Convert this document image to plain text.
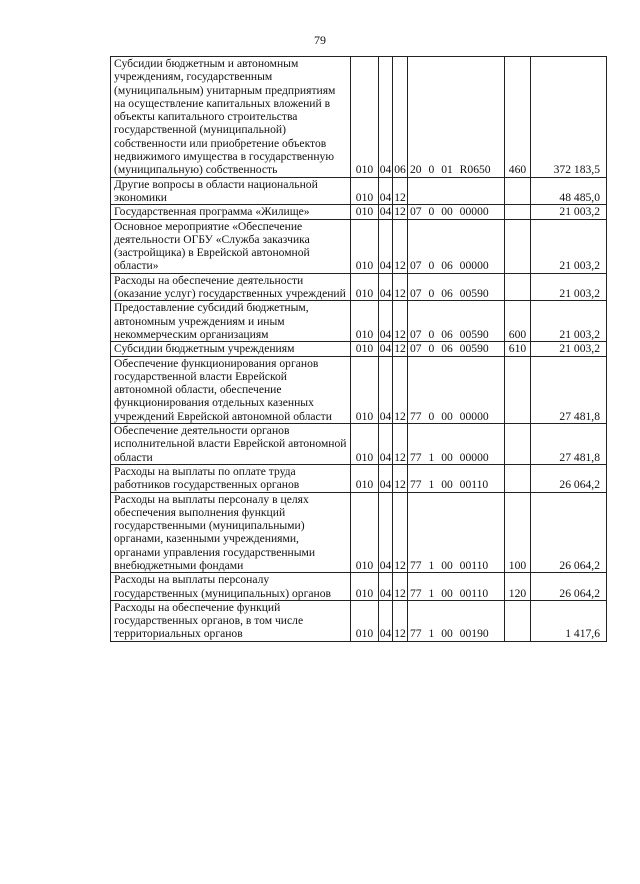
79
Субсидии бюджетным и автономным учреждениям, государственным (муниципальным) унитарным предприятиям на осуществление капитальных вложений в объекты капитального строительства государственной (муниципальной) собственности или приобретение объектов недвижимого имущества в государственную (муниципальную) собственность	010	04	06	20 0 01 R0650	460	372 183,5
Другие вопросы в области национальной экономики	010	04	12			48 485,0
Государственная программа «Жилище»	010	04	12	07 0 00 00000		21 003,2
Основное мероприятие «Обеспечение деятельности ОГБУ «Служба заказчика (застройщика) в Еврейской автономной области»	010	04	12	07 0 06 00000		21 003,2
Расходы на обеспечение деятельности (оказание услуг) государственных учреждений	010	04	12	07 0 06 00590		21 003,2
Предоставление субсидий бюджетным, автономным учреждениям и иным некоммерческим организациям	010	04	12	07 0 06 00590	600	21 003,2
Субсидии бюджетным учреждениям	010	04	12	07 0 06 00590	610	21 003,2
Обеспечение функционирования органов государственной власти Еврейской автономной области, обеспечение функционирования отдельных казенных учреждений Еврейской автономной области	010	04	12	77 0 00 00000		27 481,8
Обеспечение деятельности органов исполнительной власти Еврейской автономной области	010	04	12	77 1 00 00000		27 481,8
Расходы на выплаты по оплате труда работников государственных органов	010	04	12	77 1 00 00110		26 064,2
Расходы на выплаты персоналу в целях обеспечения выполнения функций государственными (муниципальными) органами, казенными учреждениями, органами управления государственными внебюджетными фондами	010	04	12	77 1 00 00110	100	26 064,2
Расходы на выплаты персоналу государственных (муниципальных) органов	010	04	12	77 1 00 00110	120	26 064,2
Расходы на обеспечение функций государственных органов, в том числе территориальных органов	010	04	12	77 1 00 00190		1 417,6
